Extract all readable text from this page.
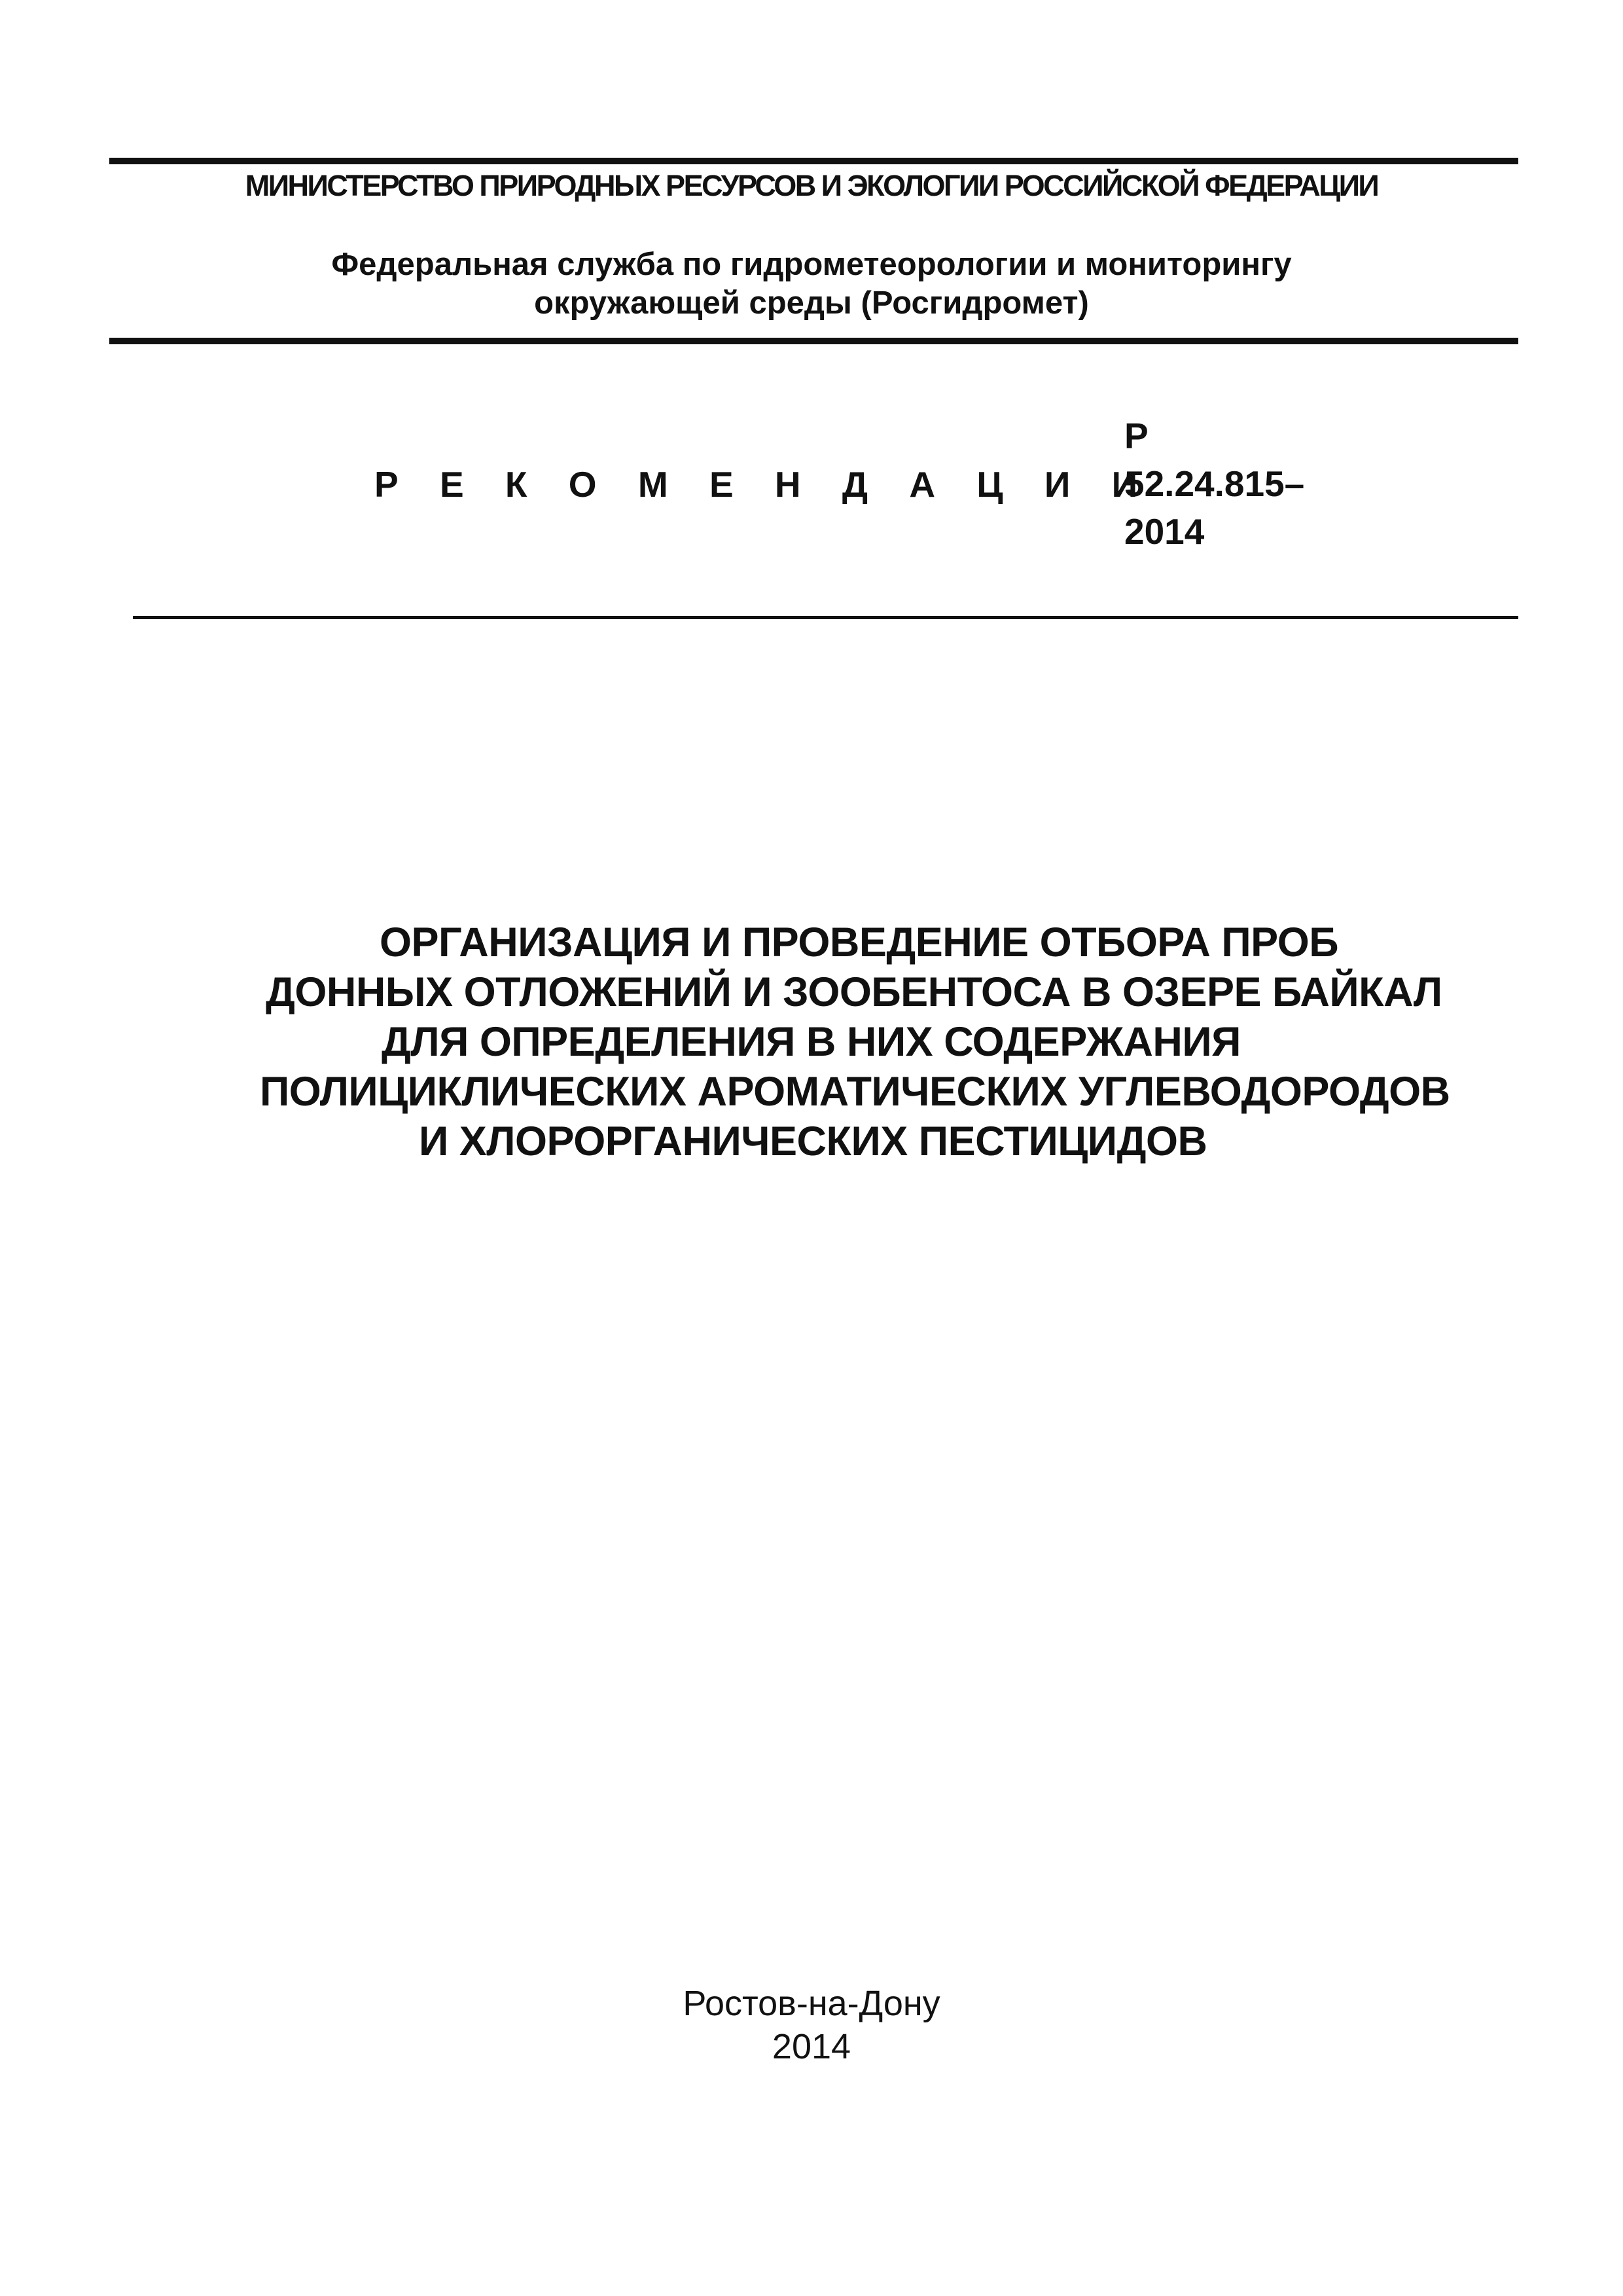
МИНИСТЕРСТВО ПРИРОДНЫХ РЕСУРСОВ И ЭКОЛОГИИ РОССИЙСКОЙ ФЕДЕРАЦИИ
Федеральная служба по гидрометеорологии и мониторингу
окружающей среды (Росгидромет)
Р Е К О М Е Н Д А Ц И И
Р
52.24.815–
2014
ОРГАНИЗАЦИЯ И ПРОВЕДЕНИЕ ОТБОРА ПРОБ
ДОННЫХ ОТЛОЖЕНИЙ И ЗООБЕНТОСА В ОЗЕРЕ БАЙКАЛ
ДЛЯ ОПРЕДЕЛЕНИЯ В НИХ СОДЕРЖАНИЯ
ПОЛИЦИКЛИЧЕСКИХ АРОМАТИЧЕСКИХ УГЛЕВОДОРОДОВ
И ХЛОРОРГАНИЧЕСКИХ ПЕСТИЦИДОВ
Ростов-на-Дону
2014
